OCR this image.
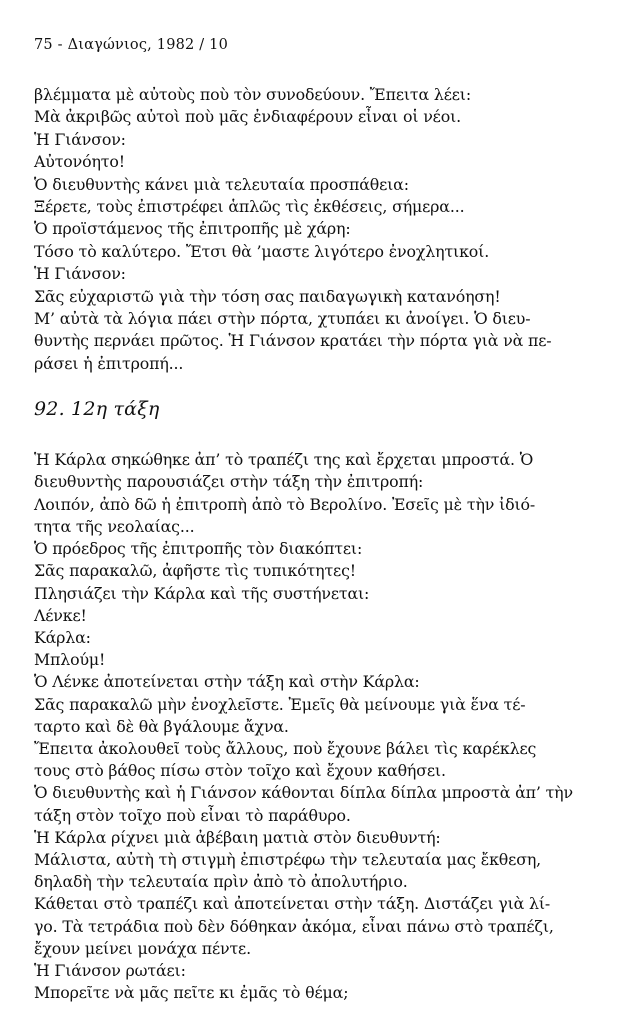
75 - Διαγώνιος, 1982 / 10

βλέμματα μὲ αὐτοὺς ποὺ τὸν συνοδεύουν. Ἔπειτα λέει:

Μὰ ἀκριβῶς αὐτοὶ ποὺ μᾶς ἐνδιαφέρουν εἶναι οἱ νέοι.

Ἡ Γιάνσον:

Αὐτονόητο!

Ὁ διευθυντὴς κάνει μιὰ τελευταία προσπάθεια:

Ξέρετε, τοὺς ἐπιστρέφει ἁπλῶς τὶς ἐκθέσεις, σήμερα...

Ὁ προϊστάμενος τῆς ἐπιτροπῆς μὲ χάρη:

Τόσο τὸ καλύτερο. Ἔτσι θὰ ’μαστε λιγότερο ἐνοχλητικοί.

Ἡ Γιάνσον:

Σᾶς εὐχαριστῶ γιὰ τὴν τόση σας παιδαγωγικὴ κατανόηση!

Μ’ αὐτὰ τὰ λόγια πάει στὴν πόρτα, χτυπάει κι ἀνοίγει. Ὁ διευ-

θυντὴς περνάει πρῶτος. Ἡ Γιάνσον κρατάει τὴν πόρτα γιὰ νὰ πε-

ράσει ἡ ἐπιτροπή...

92. 12η τάξη

Ἡ Κάρλα σηκώθηκε ἀπ’ τὸ τραπέζι της καὶ ἔρχεται μπροστά. Ὁ

διευθυντὴς παρουσιάζει στὴν τάξη τὴν ἐπιτροπή:

Λοιπόν, ἀπὸ δῶ ἡ ἐπιτροπὴ ἀπὸ τὸ Βερολίνο. Ἐσεῖς μὲ τὴν ἰδιό-

τητα τῆς νεολαίας...

Ὁ πρόεδρος τῆς ἐπιτροπῆς τὸν διακόπτει:

Σᾶς παρακαλῶ, ἀφῆστε τὶς τυπικότητες!

Πλησιάζει τὴν Κάρλα καὶ τῆς συστήνεται:

Λένκε!

Κάρλα:

Μπλούμ!

Ὁ Λένκε ἀποτείνεται στὴν τάξη καὶ στὴν Κάρλα:

Σᾶς παρακαλῶ μὴν ἐνοχλεῖστε. Ἐμεῖς θὰ μείνουμε γιὰ ἕνα τέ-

ταρτο καὶ δὲ θὰ βγάλουμε ἄχνα.

Ἔπειτα ἀκολουθεῖ τοὺς ἄλλους, ποὺ ἔχουνε βάλει τὶς καρέκλες

τους στὸ βάθος πίσω στὸν τοῖχο καὶ ἔχουν καθήσει.

Ὁ διευθυντὴς καὶ ἡ Γιάνσον κάθονται δίπλα δίπλα μπροστὰ ἀπ’ τὴν

τάξη στὸν τοῖχο ποὺ εἶναι τὸ παράθυρο.

Ἡ Κάρλα ρίχνει μιὰ ἀβέβαιη ματιὰ στὸν διευθυντή:

Μάλιστα, αὐτὴ τὴ στιγμὴ ἐπιστρέφω τὴν τελευταία μας ἔκθεση,

δηλαδὴ τὴν τελευταία πρὶν ἀπὸ τὸ ἀπολυτήριο.

Κάθεται στὸ τραπέζι καὶ ἀποτείνεται στὴν τάξη. Διστάζει γιὰ λί-

γο. Τὰ τετράδια ποὺ δὲν δόθηκαν ἀκόμα, εἶναι πάνω στὸ τραπέζι,

ἔχουν μείνει μονάχα πέντε.

Ἡ Γιάνσον ρωτάει:

Μπορεῖτε νὰ μᾶς πεῖτε κι ἐμᾶς τὸ θέμα;
